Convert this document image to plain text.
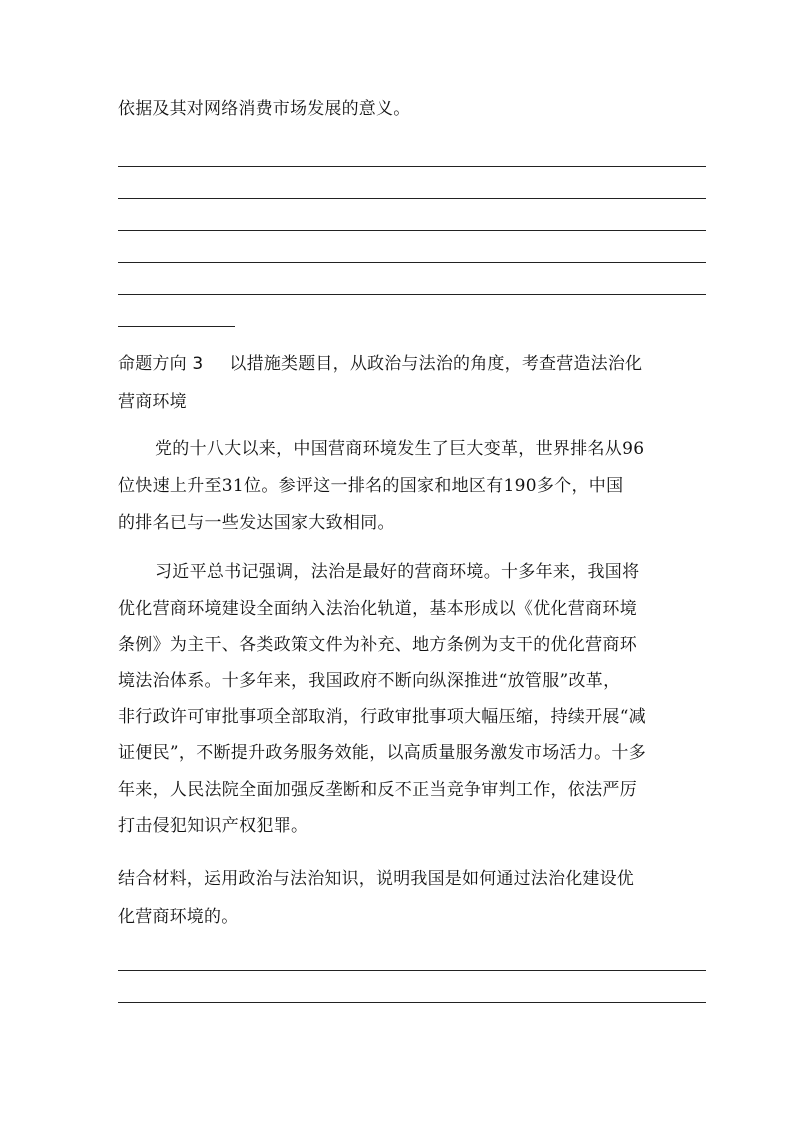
依据及其对网络消费市场发展的意义。
命题方向 3 以措施类题目，从政治与法治的角度，考查营造法治化
营商环境
党的十八大以来，中国营商环境发生了巨大变革，世界排名从96
位快速上升至31位。参评这一排名的国家和地区有190多个，中国
的排名已与一些发达国家大致相同。
习近平总书记强调，法治是最好的营商环境。十多年来，我国将
优化营商环境建设全面纳入法治化轨道，基本形成以《优化营商环境
条例》为主干、各类政策文件为补充、地方条例为支干的优化营商环
境法治体系。十多年来，我国政府不断向纵深推进“放管服”改革，
非行政许可审批事项全部取消，行政审批事项大幅压缩，持续开展“减
证便民”，不断提升政务服务效能，以高质量服务激发市场活力。十多
年来，人民法院全面加强反垄断和反不正当竞争审判工作，依法严厉
打击侵犯知识产权犯罪。
结合材料，运用政治与法治知识，说明我国是如何通过法治化建设优
化营商环境的。
